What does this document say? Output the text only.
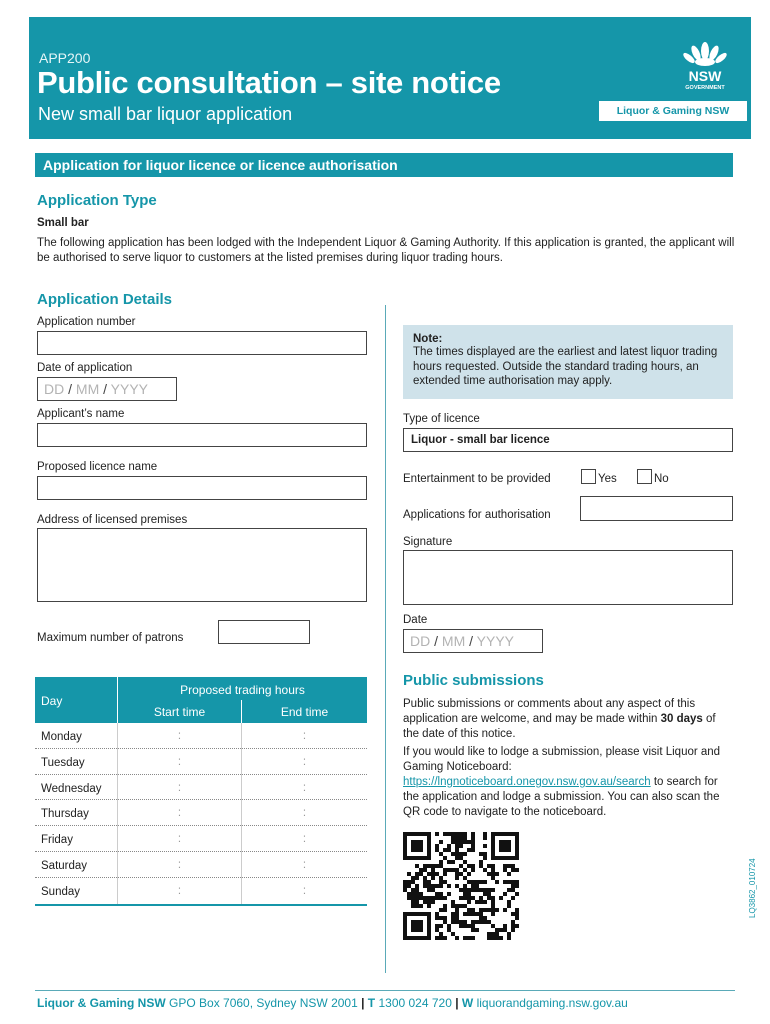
APP200
Public consultation – site notice
New small bar liquor application
NSW
GOVERNMENT
Liquor & Gaming NSW
Application for liquor licence or licence authorisation
Application Type
Small bar
The following application has been lodged with the Independent Liquor & Gaming Authority. If this application is granted, the applicant will be authorised to serve liquor to customers at the listed premises during liquor trading hours.
Application Details
Application number
Date of application
DD / MM / YYYY
Applicant’s name
Proposed licence name
Address of licensed premises
Maximum number of patrons
Day
Proposed trading hours
Start time	End time
Monday	:	:
Tuesday	:	:
Wednesday	:	:
Thursday	:	:
Friday	:	:
Saturday	:	:
Sunday	:	:
Note:
The times displayed are the earliest and latest liquor trading hours requested. Outside the standard trading hours, an extended time authorisation may apply.
Type of licence
Liquor - small bar licence
Entertainment to be provided	Yes	No
Applications for authorisation
Signature
Date
DD / MM / YYYY
Public submissions
Public submissions or comments about any aspect of this application are welcome, and may be made within 30 days of the date of this notice.
If you would like to lodge a submission, please visit Liquor and Gaming Noticeboard: https://lngnoticeboard.onegov.nsw.gov.au/search to search for the application and lodge a submission. You can also scan the QR code to navigate to the noticeboard.
LQ3862_010724
Liquor & Gaming NSW GPO Box 7060, Sydney NSW 2001 | T 1300 024 720 | W liquorandgaming.nsw.gov.au
